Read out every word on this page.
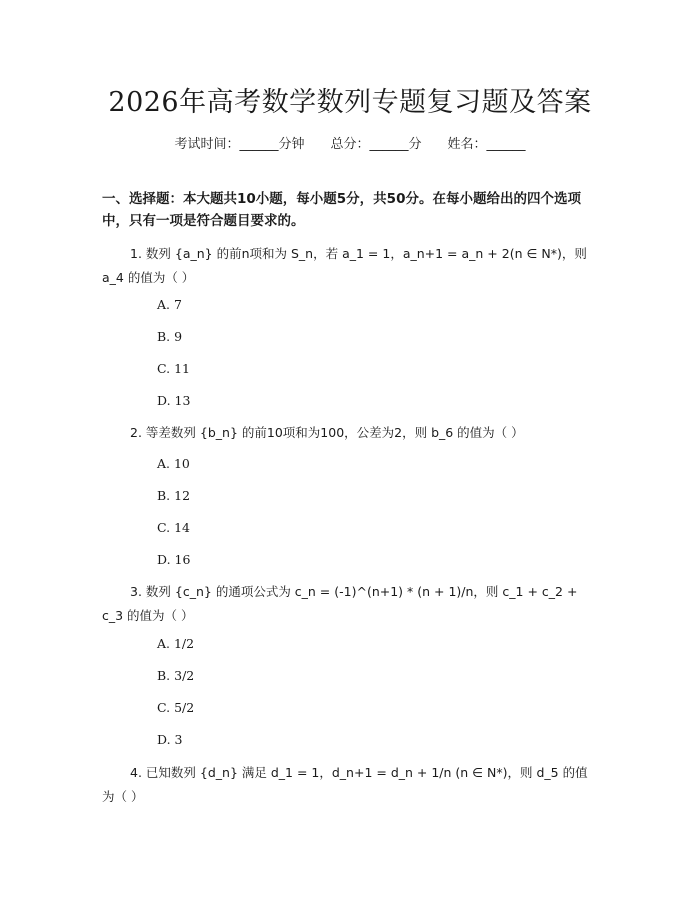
2026年高考数学数列专题复习题及答案
考试时间：______分钟 总分：______分 姓名：______
一、选择题：本大题共10小题，每小题5分，共50分。在每小题给出的四个选项中，只有一项是符合题目要求的。
1. 数列 {a_n} 的前n项和为 S_n，若 a_1 = 1，a_n+1 = a_n + 2(n ∈ N*)，则 a_4 的值为（ ）
A. 7
B. 9
C. 11
D. 13
2. 等差数列 {b_n} 的前10项和为100，公差为2，则 b_6 的值为（ ）
A. 10
B. 12
C. 14
D. 16
3. 数列 {c_n} 的通项公式为 c_n = (-1)^(n+1) * (n + 1)/n，则 c_1 + c_2 + c_3 的值为（ ）
A. 1/2
B. 3/2
C. 5/2
D. 3
4. 已知数列 {d_n} 满足 d_1 = 1，d_n+1 = d_n + 1/n (n ∈ N*)，则 d_5 的值为（ ）
